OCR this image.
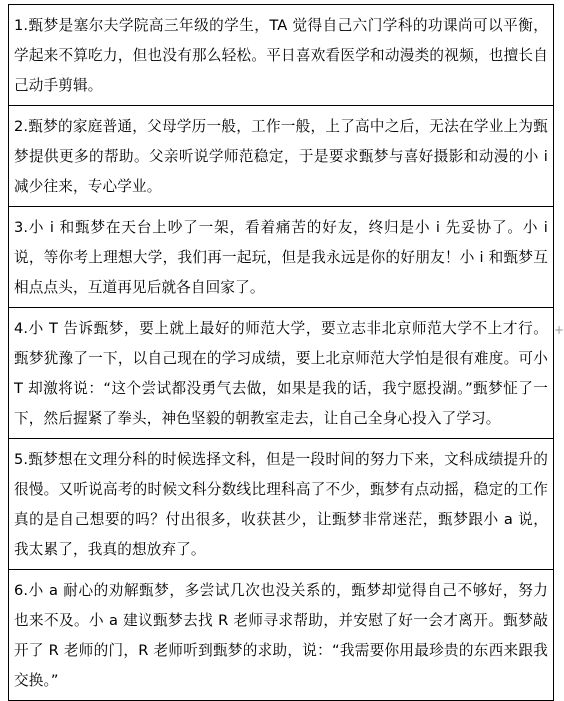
1.甄梦是塞尔夫学院高三年级的学生，TA 觉得自己六门学科的功课尚可以平衡，学起来不算吃力，但也没有那么轻松。平日喜欢看医学和动漫类的视频，也擅长自己动手剪辑。

2.甄梦的家庭普通，父母学历一般，工作一般，上了高中之后，无法在学业上为甄梦提供更多的帮助。父亲听说学师范稳定，于是要求甄梦与喜好摄影和动漫的小 i 减少往来，专心学业。

3.小 i 和甄梦在天台上吵了一架，看着痛苦的好友，终归是小 i 先妥协了。小 i 说，等你考上理想大学，我们再一起玩，但是我永远是你的好朋友！小 i 和甄梦互相点点头，互道再见后就各自回家了。

4.小 T 告诉甄梦，要上就上最好的师范大学，要立志非北京师范大学不上才行。甄梦犹豫了一下，以自己现在的学习成绩，要上北京师范大学怕是很有难度。可小 T 却激将说：“这个尝试都没勇气去做，如果是我的话，我宁愿投湖。”甄梦怔了一下，然后握紧了拳头，神色坚毅的朝教室走去，让自己全身心投入了学习。

5.甄梦想在文理分科的时候选择文科，但是一段时间的努力下来，文科成绩提升的很慢。又听说高考的时候文科分数线比理科高了不少，甄梦有点动摇，稳定的工作真的是自己想要的吗？付出很多，收获甚少，让甄梦非常迷茫，甄梦跟小 a 说，我太累了，我真的想放弃了。

6.小 a 耐心的劝解甄梦，多尝试几次也没关系的，甄梦却觉得自己不够好，努力也来不及。小 a 建议甄梦去找 R 老师寻求帮助，并安慰了好一会才离开。甄梦敲开了 R 老师的门，R 老师听到甄梦的求助，说：“我需要你用最珍贵的东西来跟我交换。”

+
